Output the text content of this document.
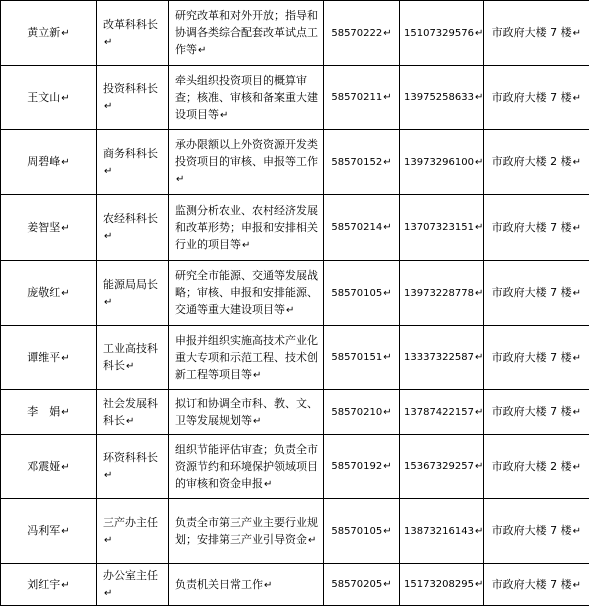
黄立新↵	改革科科长↵	研究改革和对外开放；指导和协调各类综合配套改革试点工作等↵	58570222↵	15107329576↵	市政府大楼 7 楼↵
王文山↵	投资科科长↵	牵头组织投资项目的概算审查；核准、审核和备案重大建设项目等↵	58570211↵	13975258633↵	市政府大楼 7 楼↵
周碧峰↵	商务科科长↵	承办限额以上外资资源开发类投资项目的审核、申报等工作↵	58570152↵	13973296100↵	市政府大楼 2 楼↵
姜智坚↵	农经科科长↵	监测分析农业、农村经济发展和改革形势；申报和安排相关行业的项目等↵	58570214↵	13707323151↵	市政府大楼 7 楼↵
庞敬红↵	能源局局长↵	研究全市能源、交通等发展战略；审核、申报和安排能源、交通等重大建设项目等↵	58570105↵	13973228778↵	市政府大楼 7 楼↵
谭维平↵	工业高技科科长↵	申报并组织实施高技术产业化重大专项和示范工程、技术创新工程等项目等↵	58570151↵	13337322587↵	市政府大楼 7 楼↵
李　娟↵	社会发展科科长↵	拟订和协调全市科、教、文、卫等发展规划等↵	58570210↵	13787422157↵	市政府大楼 7 楼↵
邓震娅↵	环资科科长↵	组织节能评估审查；负责全市资源节约和环境保护领域项目的审核和资金申报↵	58570192↵	15367329257↵	市政府大楼 2 楼↵
冯利军↵	三产办主任↵	负责全市第三产业主要行业规划；安排第三产业引导资金↵	58570105↵	13873216143↵	市政府大楼 7 楼↵
刘红宇↵	办公室主任↵	负责机关日常工作↵	58570205↵	15173208295↵	市政府大楼 7 楼↵
